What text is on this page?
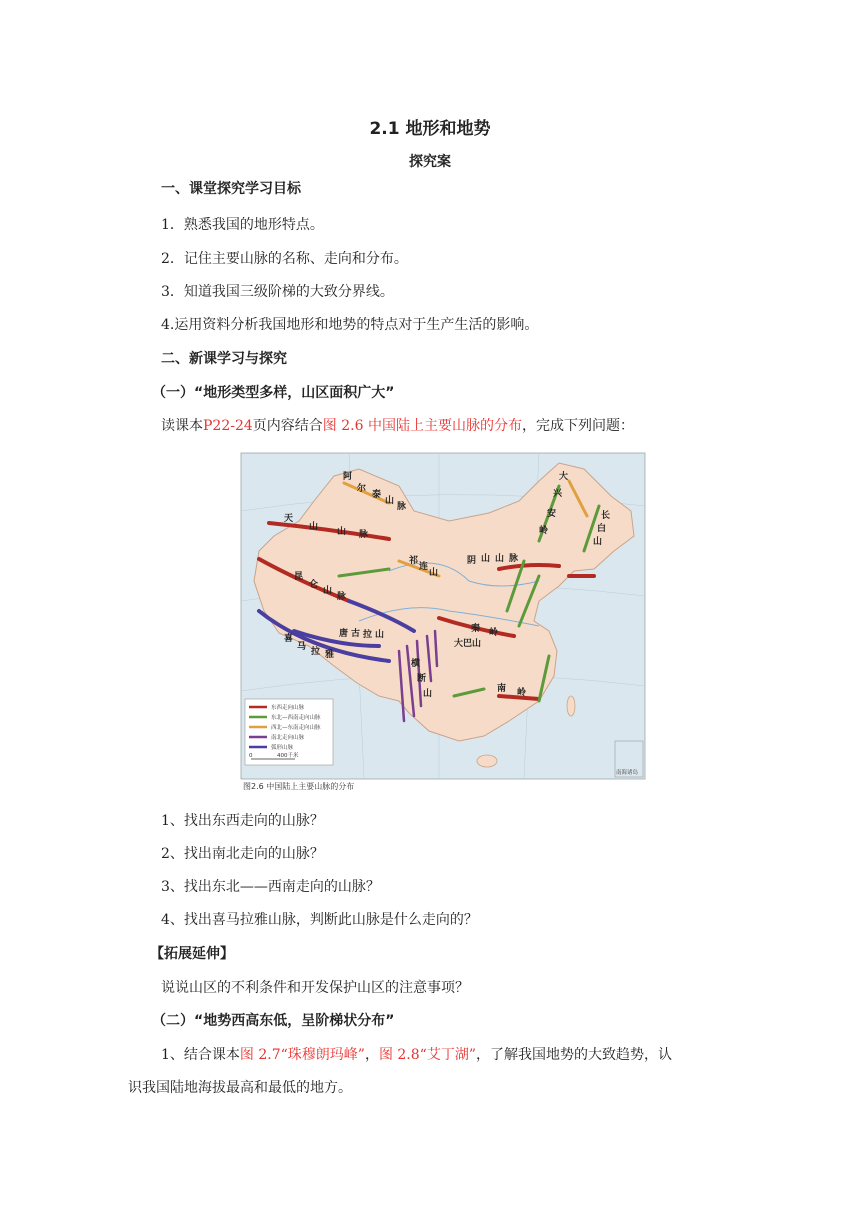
2.1 地形和地势
探究案
一、课堂探究学习目标
1．熟悉我国的地形特点。
2．记住主要山脉的名称、走向和分布。
3．知道我国三级阶梯的大致分界线。
4.运用资料分析我国地形和地势的特点对于生产生活的影响。
二、新课学习与探究
（一）“地形类型多样，山区面积广大”
读课本P22-24页内容结合图 2.6 中国陆上主要山脉的分布，完成下列问题：
天
山 山 脉
阿
尔
泰
山
脉
大
兴
安
岭
长
白
山
阴 山 山 脉
祁
连
山
昆
仑
山
脉
秦 岭
唐 古 拉 山
喜
马 拉 雅
横
断
山
大巴山
南 岭
东西走向山脉
东北—西南走向山脉
西北—东南走向山脉
南北走向山脉
弧形山脉
0	400千米
南海诸岛
图2.6 中国陆上主要山脉的分布
1、找出东西走向的山脉？
2、找出南北走向的山脉？
3、找出东北——西南走向的山脉？
4、找出喜马拉雅山脉，判断此山脉是什么走向的？
【拓展延伸】
说说山区的不利条件和开发保护山区的注意事项？
（二）“地势西高东低，呈阶梯状分布”
1、结合课本图 2.7“珠穆朗玛峰”，图 2.8“艾丁湖”，了解我国地势的大致趋势，认
识我国陆地海拔最高和最低的地方。
